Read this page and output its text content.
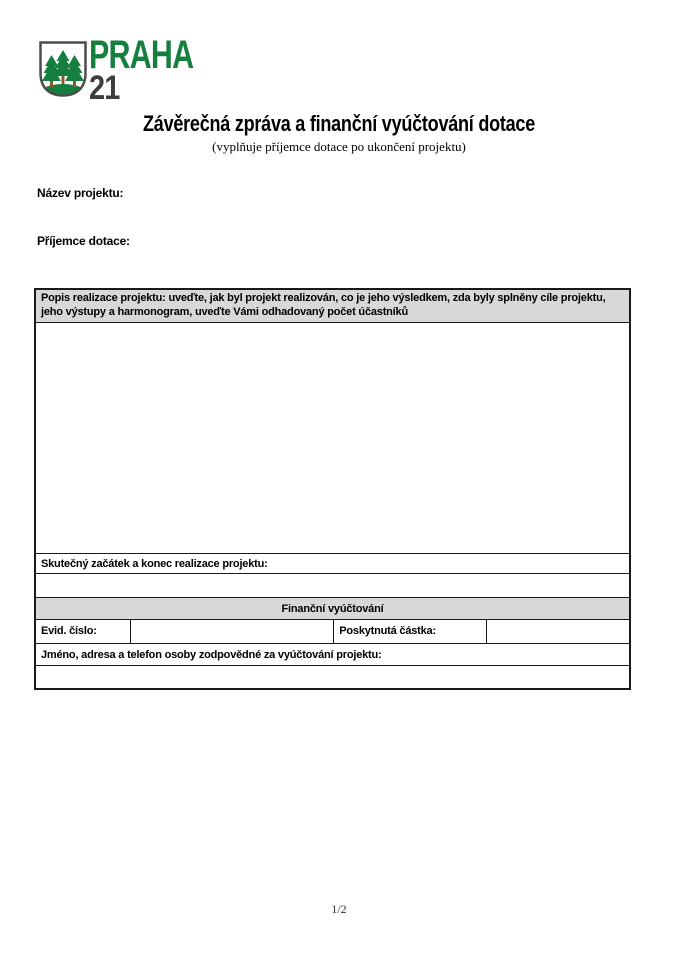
PRAHA
21
Závěrečná zpráva a finanční vyúčtování dotace
(vyplňuje příjemce dotace po ukončení projektu)
Název projektu:
Příjemce dotace:
Popis realizace projektu: uveďte, jak byl projekt realizován, co je jeho výsledkem, zda byly splněny cíle projektu, jeho výstupy a harmonogram, uveďte Vámi odhadovaný počet účastníků
Skutečný začátek a konec realizace projektu:
Finanční vyúčtování
Evid. číslo:	Poskytnutá částka:
Jméno, adresa a telefon osoby zodpovědné za vyúčtování projektu:
1/2
